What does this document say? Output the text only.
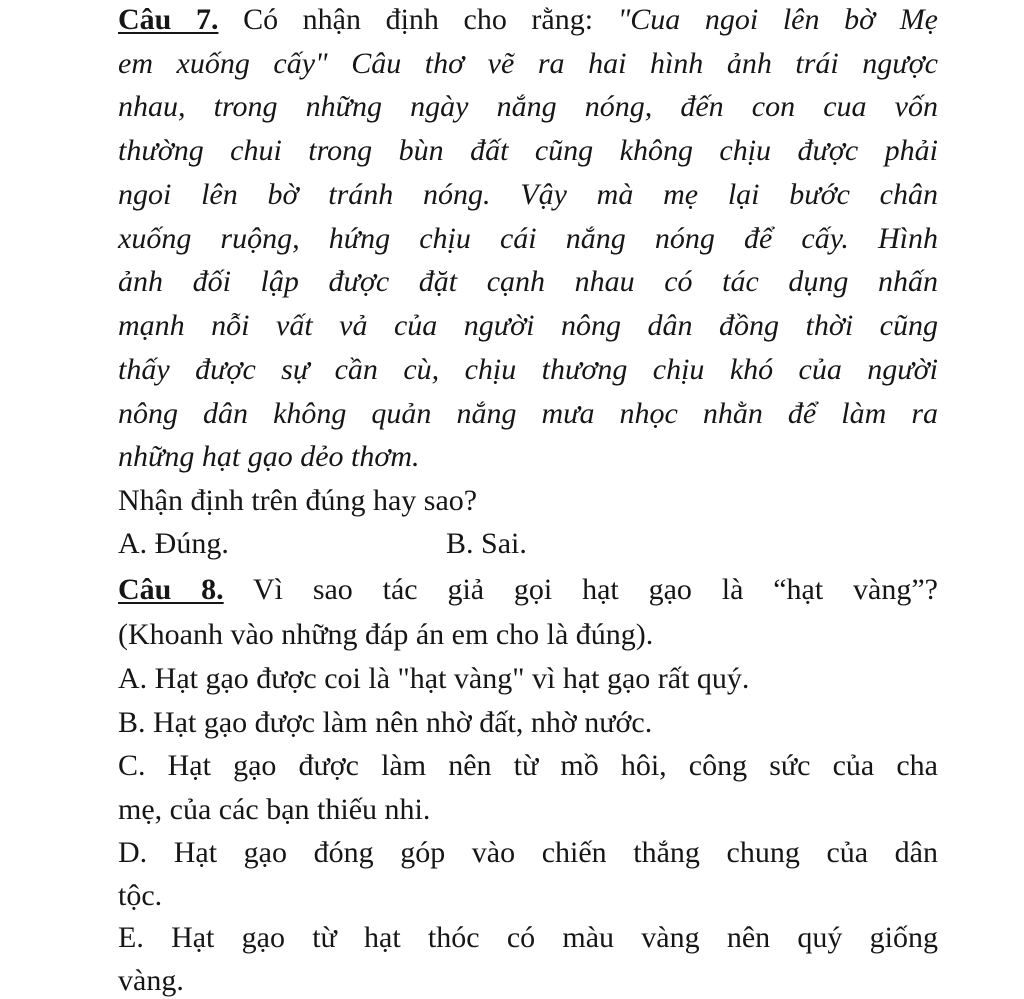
Câu 7. Có nhận định cho rằng: "Cua ngoi lên bờ Mẹ
em xuống cấy" Câu thơ vẽ ra hai hình ảnh trái ngược
nhau, trong những ngày nắng nóng, đến con cua vốn
thường chui trong bùn đất cũng không chịu được phải
ngoi lên bờ tránh nóng. Vậy mà mẹ lại bước chân
xuống ruộng, hứng chịu cái nắng nóng để cấy. Hình
ảnh đối lập được đặt cạnh nhau có tác dụng nhấn
mạnh nỗi vất vả của người nông dân đồng thời cũng
thấy được sự cần cù, chịu thương chịu khó của người
nông dân không quản nắng mưa nhọc nhằn để làm ra
những hạt gạo dẻo thơm.
Nhận định trên đúng hay sao?
A. Đúng.	B. Sai.
Câu 8. Vì sao tác giả gọi hạt gạo là “hạt vàng”?
(Khoanh vào những đáp án em cho là đúng).
A. Hạt gạo được coi là "hạt vàng" vì hạt gạo rất quý.
B. Hạt gạo được làm nên nhờ đất, nhờ nước.
C. Hạt gạo được làm nên từ mồ hôi, công sức của cha
mẹ, của các bạn thiếu nhi.
D. Hạt gạo đóng góp vào chiến thắng chung của dân
tộc.
E. Hạt gạo từ hạt thóc có màu vàng nên quý giống
vàng.
